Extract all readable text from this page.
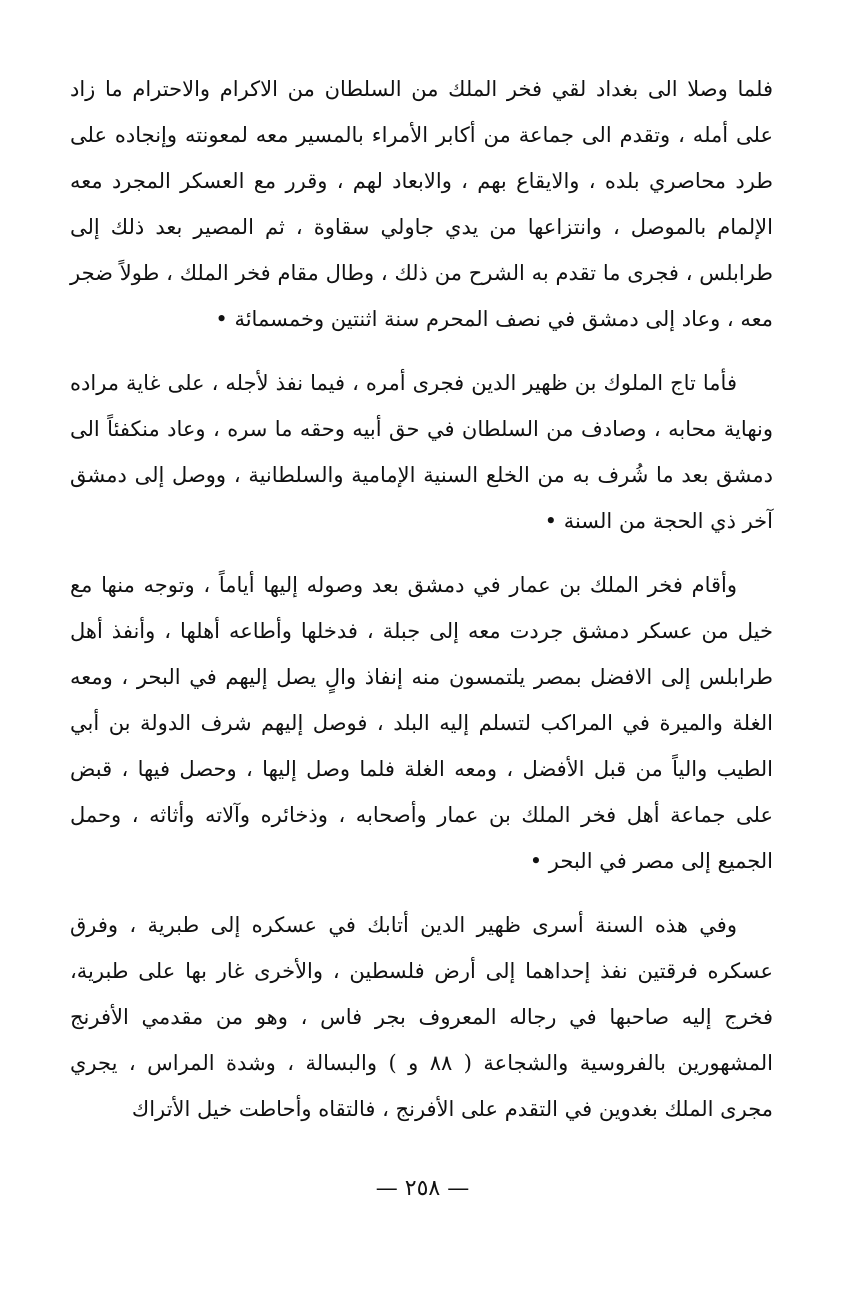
فلما وصلا الى بغداد لقي فخر الملك من السلطان من الاكرام والاحترام ما زاد على أمله ، وتقدم الى جماعة من أكابر الأمراء بالمسير معه لمعونته وإنجاده على طرد محاصري بلده ، والايقاع بهم ، والابعاد لهم ، وقرر مع العسكر المجرد معه الإلمام بالموصل ، وانتزاعها من يدي جاولي سقاوة ، ثم المصير بعد ذلك إلى طرابلس ، فجرى ما تقدم به الشرح من ذلك ، وطال مقام فخر الملك ، طولاً ضجر معه ، وعاد إلى دمشق في نصف المحرم سنة اثنتين وخمسمائة •

فأما تاج الملوك بن ظهير الدين فجرى أمره ، فيما نفذ لأجله ، على غاية مراده ونهاية محابه ، وصادف من السلطان في حق أبيه وحقه ما سره ، وعاد منكفئاً الى دمشق بعد ما شُرف به من الخلع السنية الإمامية والسلطانية ، ووصل إلى دمشق آخر ذي الحجة من السنة •

وأقام فخر الملك بن عمار في دمشق بعد وصوله إليها أياماً ، وتوجه منها مع خيل من عسكر دمشق جردت معه إلى جبلة ، فدخلها وأطاعه أهلها ، وأنفذ أهل طرابلس إلى الافضل بمصر يلتمسون منه إنفاذ والٍ يصل إليهم في البحر ، ومعه الغلة والميرة في المراكب لتسلم إليه البلد ، فوصل إليهم شرف الدولة بن أبي الطيب والياً من قبل الأفضل ، ومعه الغلة فلما وصل إليها ، وحصل فيها ، قبض على جماعة أهل فخر الملك بن عمار وأصحابه ، وذخائره وآلاته وأثاثه ، وحمل الجميع إلى مصر في البحر •

وفي هذه السنة أسرى ظهير الدين أتابك في عسكره إلى طبرية ، وفرق عسكره فرقتين نفذ إحداهما إلى أرض فلسطين ، والأخرى غار بها على طبرية، فخرج إليه صاحبها في رجاله المعروف بجر فاس ، وهو من مقدمي الأفرنج المشهورين بالفروسية والشجاعة ( ٨٨ و ) والبسالة ، وشدة المراس ، يجري مجرى الملك بغدوين في التقدم على الأفرنج ، فالتقاه وأحاطت خيل الأتراك

— ٢٥٨ —
